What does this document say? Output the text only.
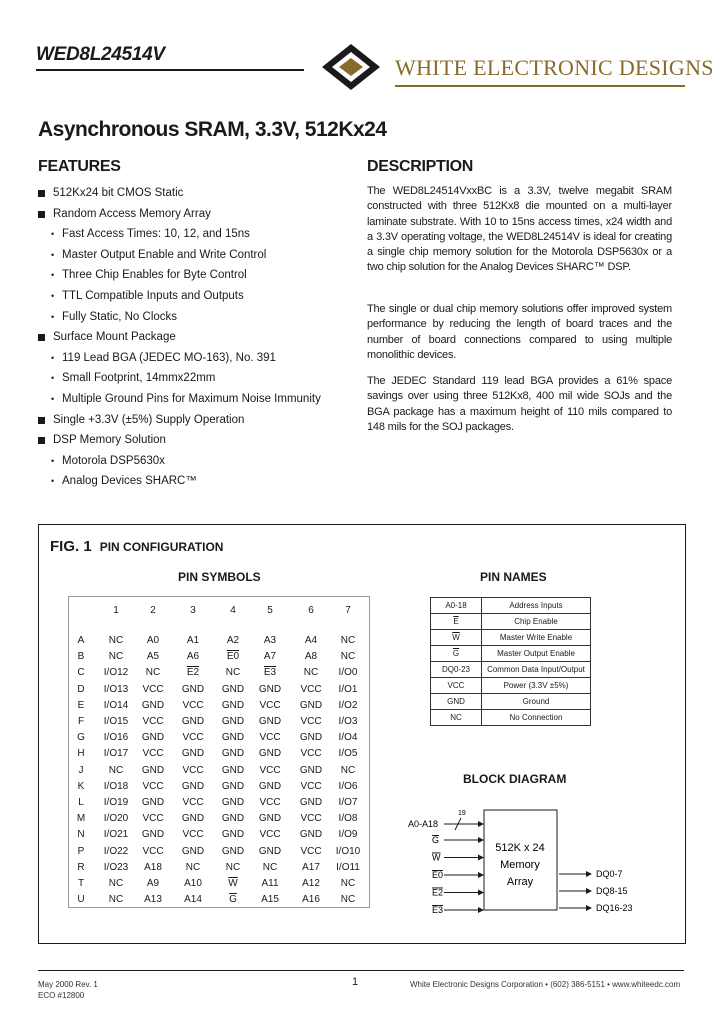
WED8L24514V
WHITE ELECTRONIC DESIGNS
Asynchronous SRAM, 3.3V, 512Kx24
FEATURES
512Kx24 bit CMOS Static
Random Access Memory Array
• Fast Access Times: 10, 12, and 15ns
• Master Output Enable and Write Control
• Three Chip Enables for Byte Control
• TTL Compatible Inputs and Outputs
• Fully Static, No Clocks
Surface Mount Package
• 119 Lead BGA (JEDEC MO-163), No. 391
• Small Footprint, 14mmx22mm
• Multiple Ground Pins for Maximum Noise Immunity
Single +3.3V (±5%) Supply Operation
DSP Memory Solution
• Motorola DSP5630x
• Analog Devices SHARC™
DESCRIPTION
The WED8L24514VxxBC is a 3.3V, twelve megabit SRAM constructed with three 512Kx8 die mounted on a multi-layer laminate substrate. With 10 to 15ns access times, x24 width and a 3.3V operating voltage, the WED8L24514V is ideal for creating a single chip memory solution for the Motorola DSP5630x or a two chip solution for the Analog Devices SHARC™ DSP.
The single or dual chip memory solutions offer improved system performance by reducing the length of board traces and the number of board connections compared to using multiple monolithic devices.
The JEDEC Standard 119 lead BGA provides a 61% space savings over using three 512Kx8, 400 mil wide SOJs and the BGA package has a maximum height of 110 mils compared to 148 mils for the SOJ packages.
FIG. 1 PIN CONFIGURATION
PIN SYMBOLS	PIN NAMES
1	2	3	4	5	6	7
A	NC	A0	A1	A2	A3	A4	NC
B	NC	A5	A6	E0	A7	A8	NC
C	I/O12	NC	E2	NC	E3	NC	I/O0
D	I/O13	VCC	GND	GND	GND	VCC	I/O1
E	I/O14	GND	VCC	GND	VCC	GND	I/O2
F	I/O15	VCC	GND	GND	GND	VCC	I/O3
G	I/O16	GND	VCC	GND	VCC	GND	I/O4
H	I/O17	VCC	GND	GND	GND	VCC	I/O5
J	NC	GND	VCC	GND	VCC	GND	NC
K	I/O18	VCC	GND	GND	GND	VCC	I/O6
L	I/O19	GND	VCC	GND	VCC	GND	I/O7
M	I/O20	VCC	GND	GND	GND	VCC	I/O8
N	I/O21	GND	VCC	GND	VCC	GND	I/O9
P	I/O22	VCC	GND	GND	GND	VCC	I/O10
R	I/O23	A18	NC	NC	NC	A17	I/O11
T	NC	A9	A10	$\overline{W}$	A11	A12	NC
U	NC	A13	A14	$\overline{G}$	A15	A16	NC
A0-18	Address Inputs
$\overline{E}$	Chip Enable
$\overline{W}$	Master Write Enable
$\overline{G}$	Master Output Enable
DQ0-23	Common Data Input/Output
VCC	Power (3.3V ±5%)
GND	Ground
NC	No Connection
BLOCK DIAGRAM
512K x 24
Memory
Array
19
A0-A18
G
W
E0
E2
E3
DQ0-7
DQ8-15
DQ16-23
May 2000 Rev. 1
ECO #12800
1	White Electronic Designs Corporation • (602) 386-5151 • www.whiteedc.com
